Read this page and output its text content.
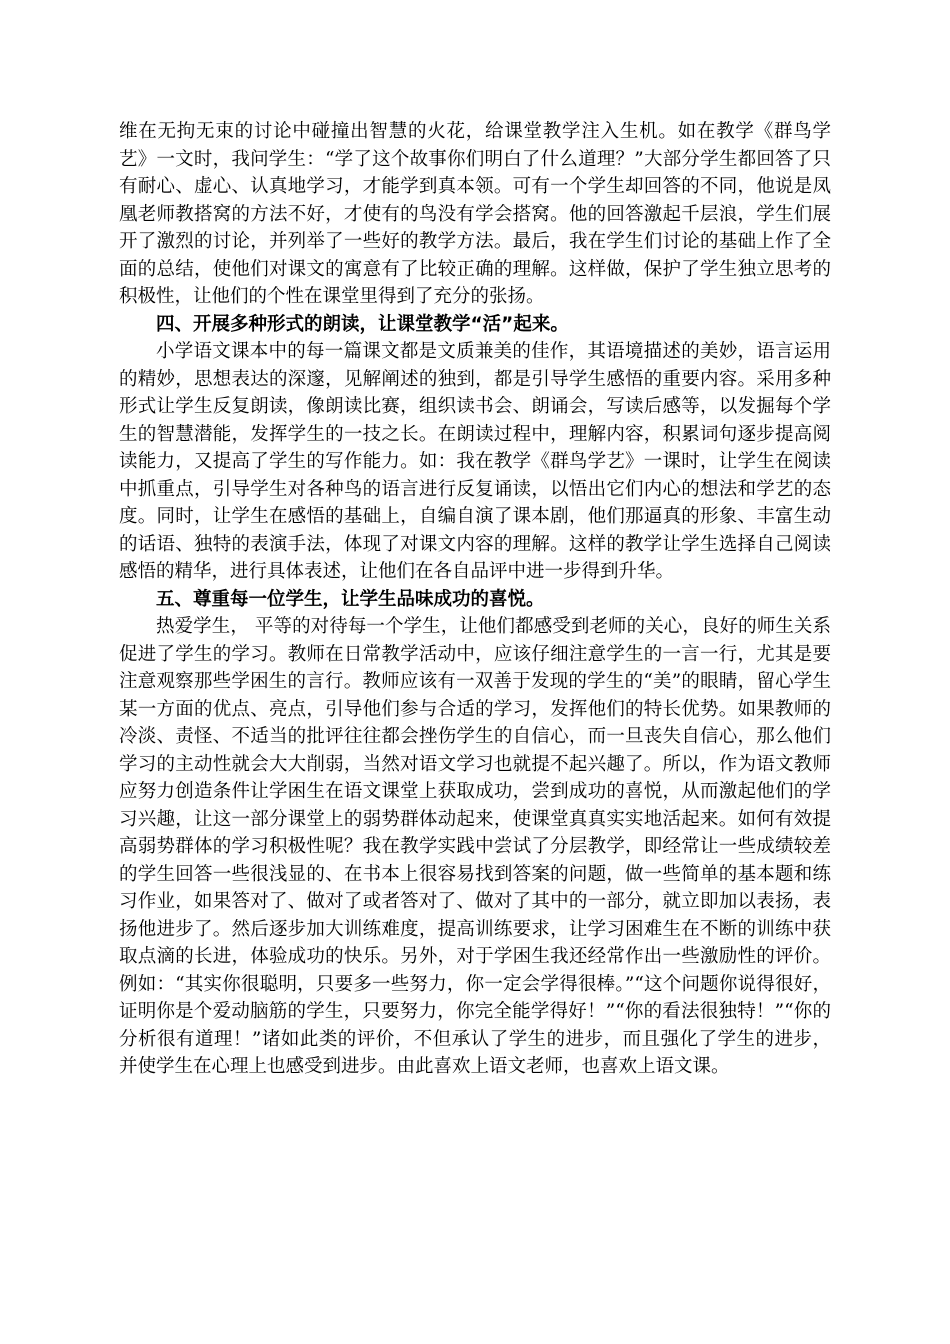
维在无拘无束的讨论中碰撞出智慧的火花，给课堂教学注入生机。如在教学《群鸟学艺》一文时，我问学生：“学了这个故事你们明白了什么道理？”大部分学生都回答了只有耐心、虚心、认真地学习，才能学到真本领。可有一个学生却回答的不同，他说是凤凰老师教搭窝的方法不好，才使有的鸟没有学会搭窝。他的回答激起千层浪，学生们展开了激烈的讨论，并列举了一些好的教学方法。最后，我在学生们讨论的基础上作了全面的总结，使他们对课文的寓意有了比较正确的理解。这样做，保护了学生独立思考的积极性，让他们的个性在课堂里得到了充分的张扬。

四、开展多种形式的朗读，让课堂教学“活”起来。

小学语文课本中的每一篇课文都是文质兼美的佳作，其语境描述的美妙，语言运用的精妙，思想表达的深邃，见解阐述的独到，都是引导学生感悟的重要内容。采用多种形式让学生反复朗读，像朗读比赛，组织读书会、朗诵会，写读后感等，以发掘每个学生的智慧潜能，发挥学生的一技之长。在朗读过程中，理解内容，积累词句逐步提高阅读能力，又提高了学生的写作能力。如：我在教学《群鸟学艺》一课时，让学生在阅读中抓重点，引导学生对各种鸟的语言进行反复诵读，以悟出它们内心的想法和学艺的态度。同时，让学生在感悟的基础上，自编自演了课本剧，他们那逼真的形象、丰富生动的话语、独特的表演手法，体现了对课文内容的理解。这样的教学让学生选择自己阅读感悟的精华，进行具体表述，让他们在各自品评中进一步得到升华。

五、尊重每一位学生，让学生品味成功的喜悦。

热爱学生， 平等的对待每一个学生，让他们都感受到老师的关心，良好的师生关系促进了学生的学习。教师在日常教学活动中，应该仔细注意学生的一言一行，尤其是要注意观察那些学困生的言行。教师应该有一双善于发现的学生的“美”的眼睛，留心学生某一方面的优点、亮点，引导他们参与合适的学习，发挥他们的特长优势。如果教师的冷淡、责怪、不适当的批评往往都会挫伤学生的自信心，而一旦丧失自信心，那么他们学习的主动性就会大大削弱，当然对语文学习也就提不起兴趣了。所以，作为语文教师应努力创造条件让学困生在语文课堂上获取成功，尝到成功的喜悦，从而激起他们的学习兴趣，让这一部分课堂上的弱势群体动起来，使课堂真真实实地活起来。如何有效提高弱势群体的学习积极性呢？我在教学实践中尝试了分层教学，即经常让一些成绩较差的学生回答一些很浅显的、在书本上很容易找到答案的问题，做一些简单的基本题和练习作业，如果答对了、做对了或者答对了、做对了其中的一部分，就立即加以表扬，表扬他进步了。然后逐步加大训练难度，提高训练要求，让学习困难生在不断的训练中获取点滴的长进，体验成功的快乐。另外，对于学困生我还经常作出一些激励性的评价。例如：“其实你很聪明，只要多一些努力，你一定会学得很棒。”“这个问题你说得很好，证明你是个爱动脑筋的学生，只要努力，你完全能学得好！”“你的看法很独特！”“你的分析很有道理！”诸如此类的评价，不但承认了学生的进步，而且强化了学生的进步，并使学生在心理上也感受到进步。由此喜欢上语文老师，也喜欢上语文课。
